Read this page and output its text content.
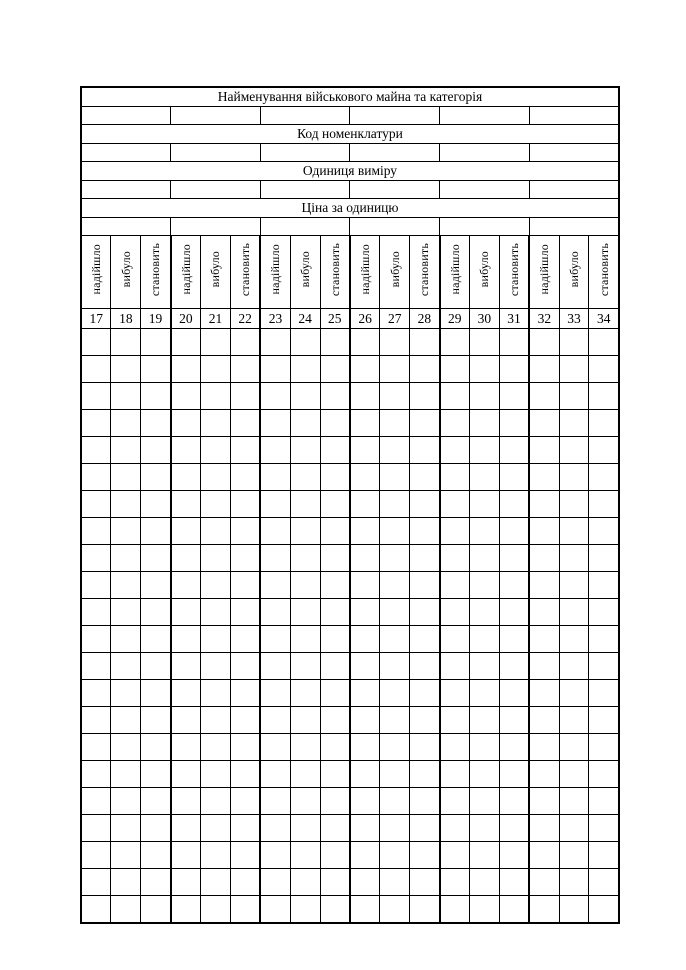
Найменування військового майна та категорія																	

Код номенклатури																	

Одиниця виміру																	

Ціна за одиницю																	

надійшло	вибуло	становить	надійшло	вибуло	становить	надійшло	вибуло	становить	надійшло	вибуло	становить	надійшло	вибуло	становить	надійшло	вибуло	становить
17	18	19	20	21	22	23	24	25	26	27	28	29	30	31	32	33	34
